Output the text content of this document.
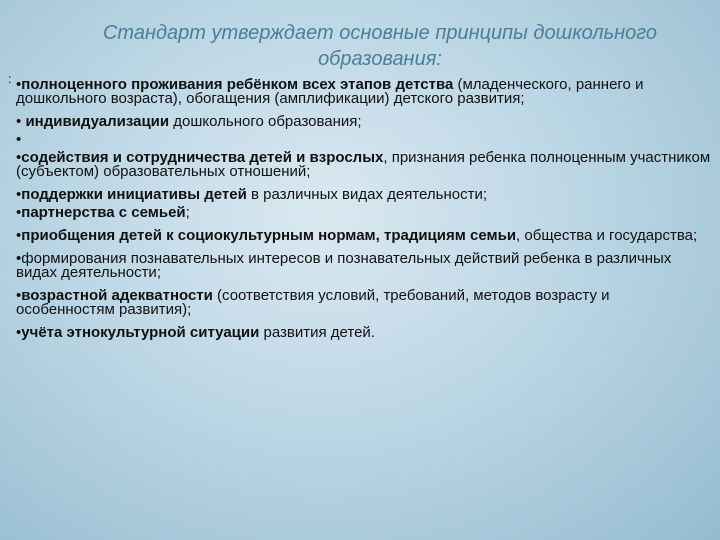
Стандарт утверждает основные принципы дошкольного образования:
: •полноценного проживания ребёнком всех этапов детства (младенческого, раннего и дошкольного возраста), обогащения (амплификации) детского развития;
• индивидуализации дошкольного образования;
•
•содействия и сотрудничества детей и взрослых, признания ребенка полноценным участником (субъектом) образовательных отношений;
•поддержки инициативы детей в различных видах деятельности;
•партнерства с семьей;
•приобщения детей к социокультурным нормам, традициям семьи, общества и государства;
•формирования познавательных интересов и познавательных действий ребенка в различных видах деятельности;
•возрастной адекватности (соответствия условий, требований, методов возрасту и особенностям развития);
•учёта этнокультурной ситуации развития детей.
